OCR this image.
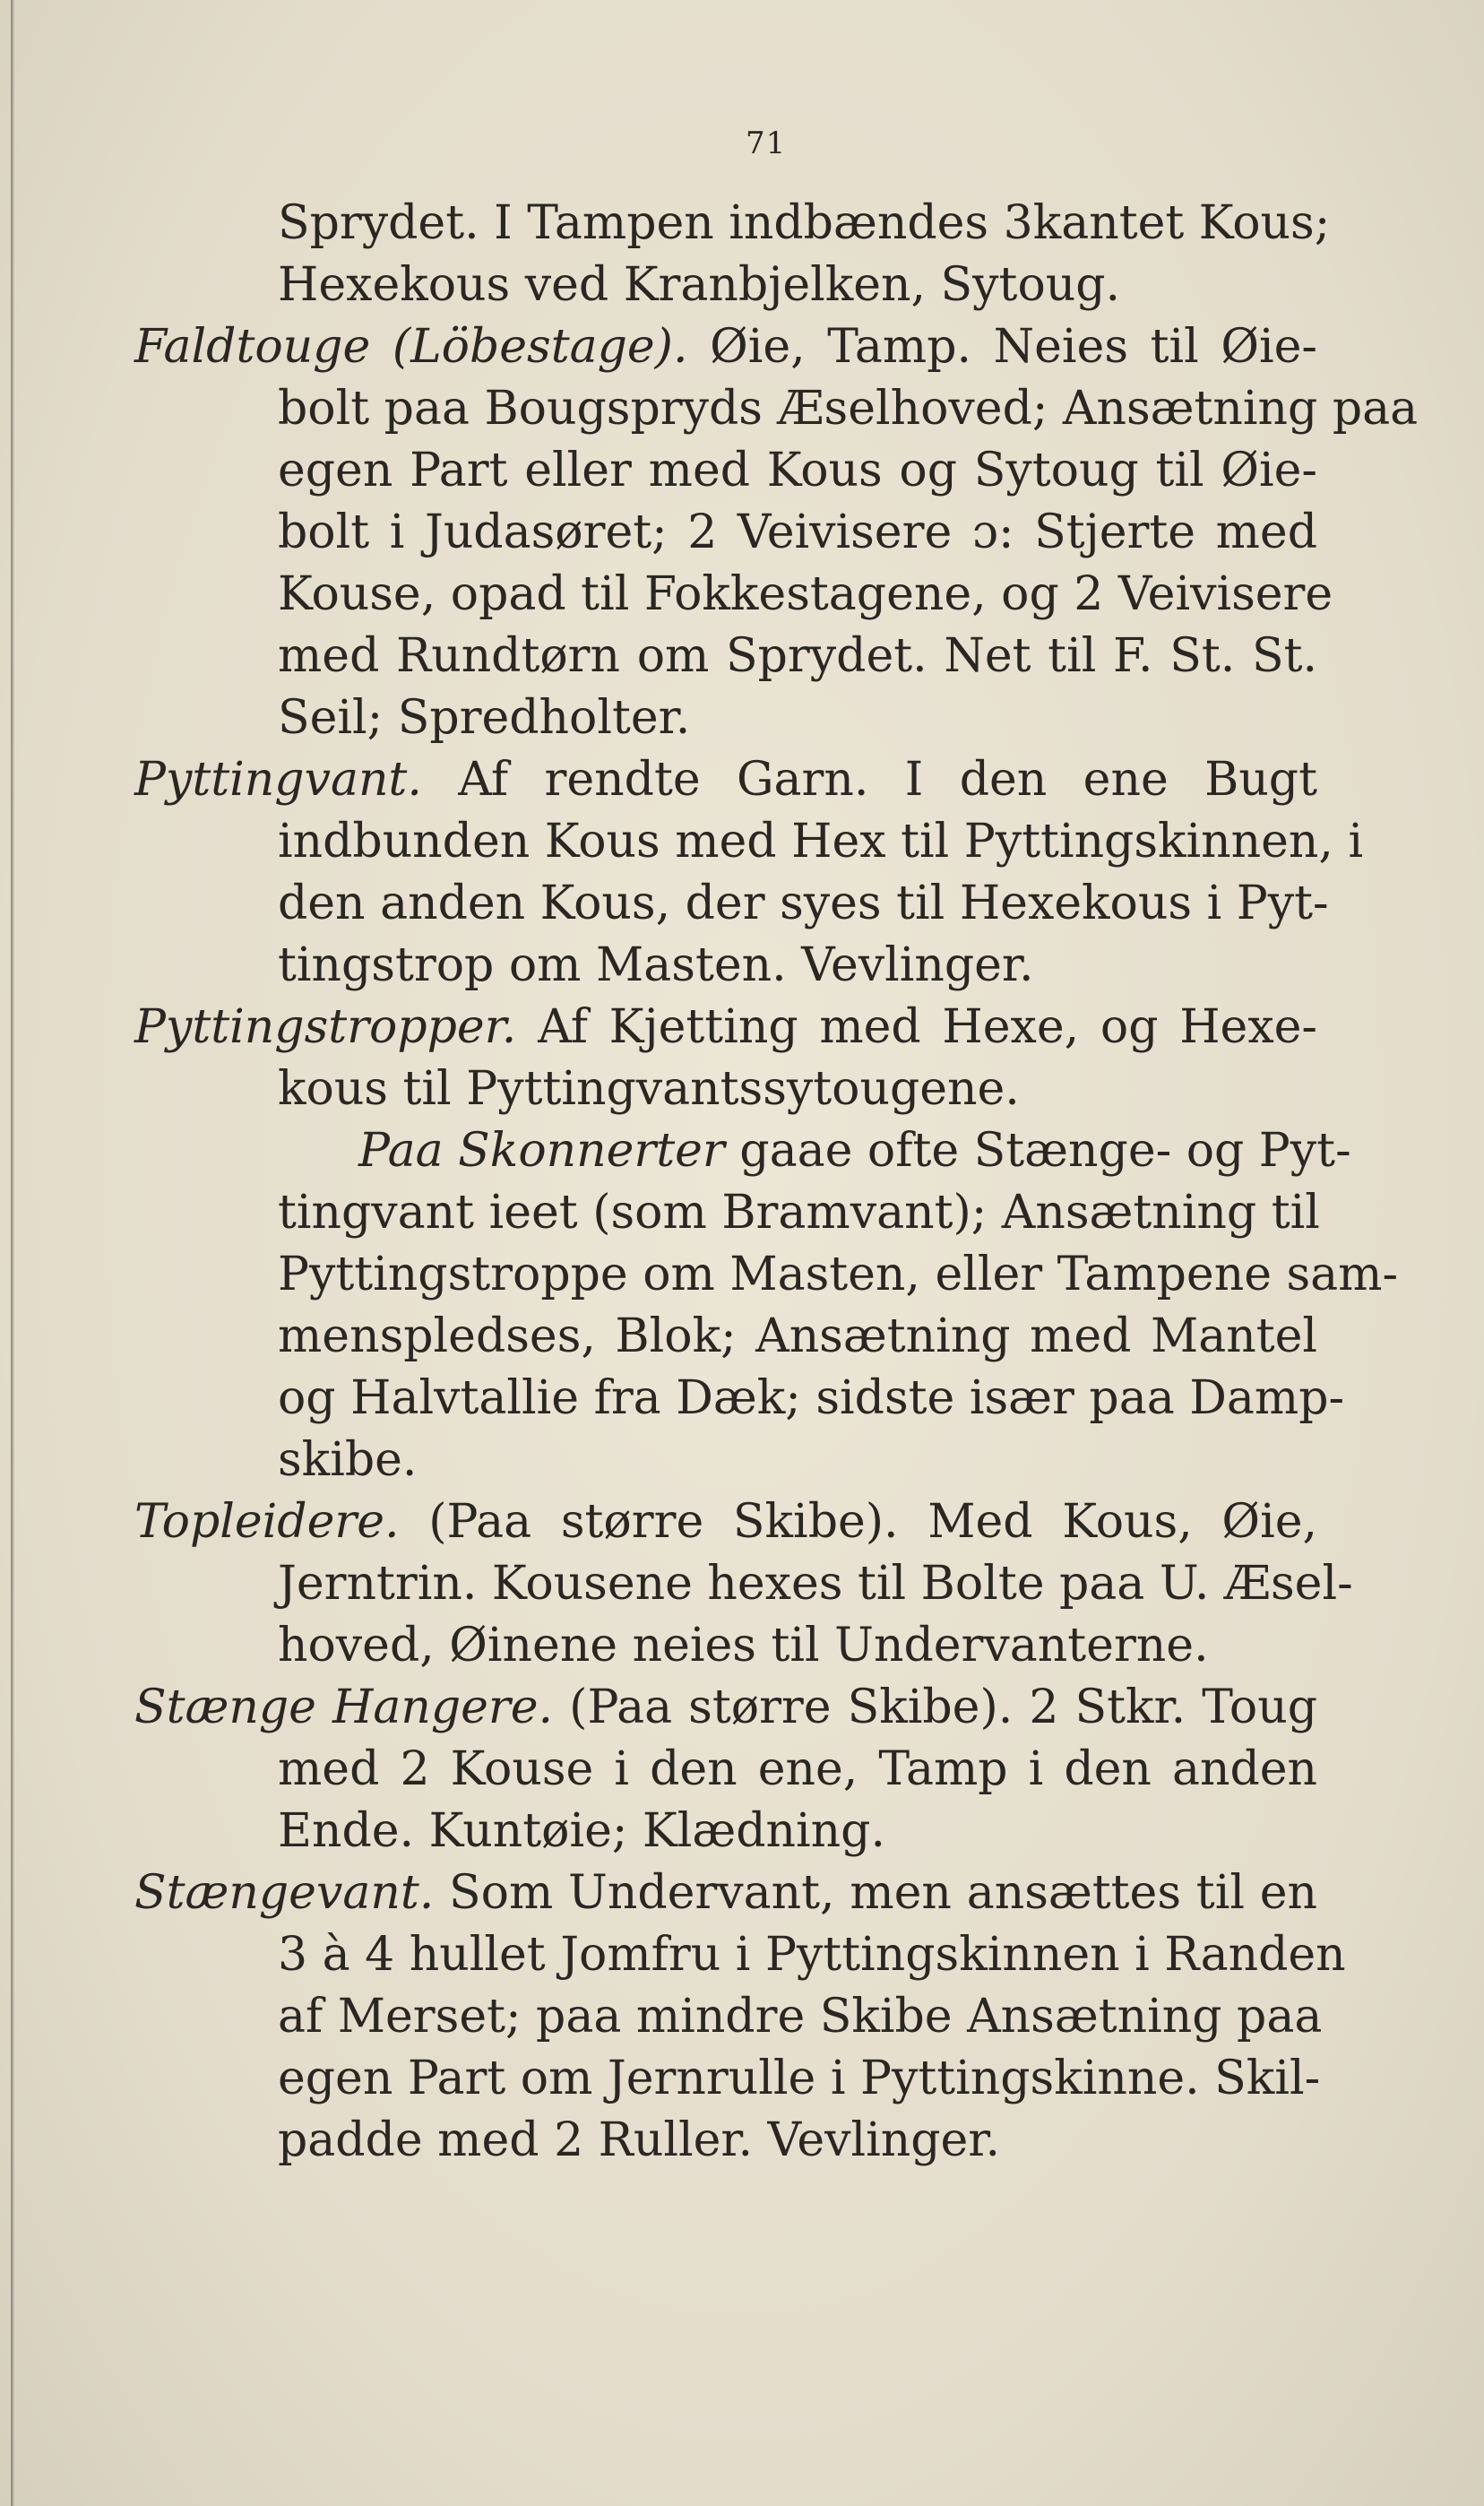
71
Sprydet. I Tampen indbændes 3kantet Kous;
Hexekous ved Kranbjelken, Sytoug.
Faldtouge (Löbestage). Øie, Tamp. Neies til Øie-
bolt paa Bougspryds Æselhoved; Ansætning paa
egen Part eller med Kous og Sytoug til Øie-
bolt i Judasøret; 2 Veivisere ɔ: Stjerte med
Kouse, opad til Fokkestagene, og 2 Veivisere
med Rundtørn om Sprydet. Net til F. St. St.
Seil; Spredholter.
Pyttingvant. Af rendte Garn. I den ene Bugt
indbunden Kous med Hex til Pyttingskinnen, i
den anden Kous, der syes til Hexekous i Pyt-
tingstrop om Masten. Vevlinger.
Pyttingstropper. Af Kjetting med Hexe, og Hexe-
kous til Pyttingvantssytougene.
Paa Skonnerter gaae ofte Stænge- og Pyt-
tingvant ieet (som Bramvant); Ansætning til
Pyttingstroppe om Masten, eller Tampene sam-
menspledses, Blok; Ansætning med Mantel
og Halvtallie fra Dæk; sidste især paa Damp-
skibe.
Topleidere. (Paa større Skibe). Med Kous, Øie,
Jerntrin. Kousene hexes til Bolte paa U. Æsel-
hoved, Øinene neies til Undervanterne.
Stænge Hangere. (Paa større Skibe). 2 Stkr. Toug
med 2 Kouse i den ene, Tamp i den anden
Ende. Kuntøie; Klædning.
Stængevant. Som Undervant, men ansættes til en
3 à 4 hullet Jomfru i Pyttingskinnen i Randen
af Merset; paa mindre Skibe Ansætning paa
egen Part om Jernrulle i Pyttingskinne. Skil-
padde med 2 Ruller. Vevlinger.
